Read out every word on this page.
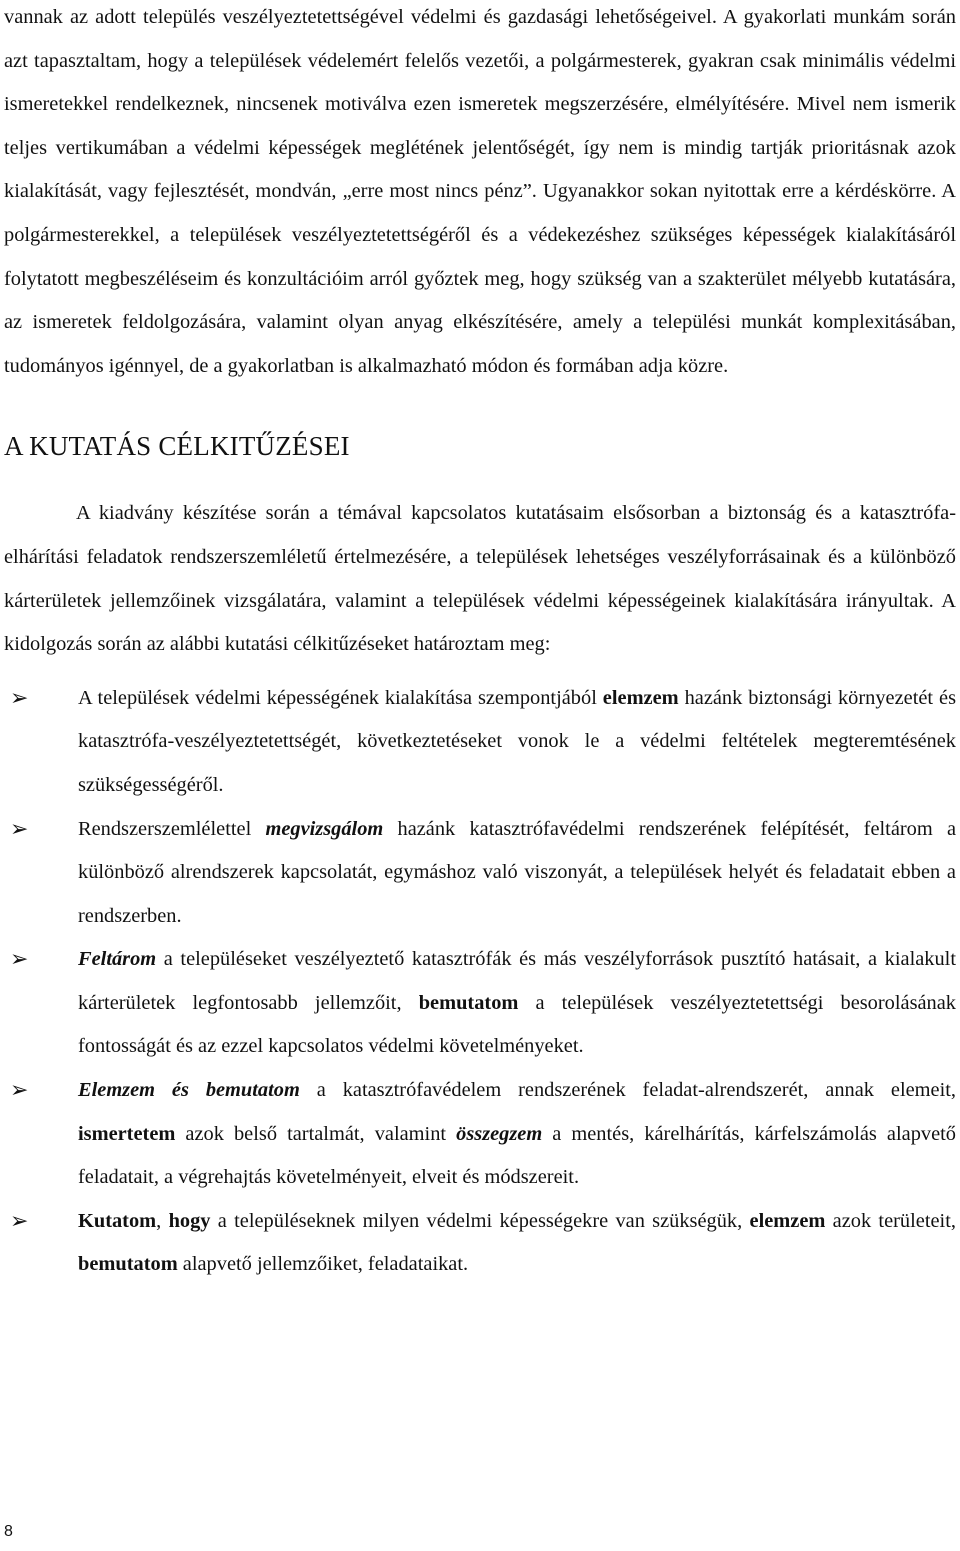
vannak az adott település veszélyeztetettségével védelmi és gazdasági lehetőségeivel. A gyakorlati munkám során azt tapasztaltam, hogy a települések védelemért felelős vezetői, a polgármesterek, gyakran csak minimális védelmi ismeretekkel rendelkeznek, nincsenek motiválva ezen ismeretek megszerzésére, elmélyítésére. Mivel nem ismerik teljes vertikumában a védelmi képességek meglétének jelentőségét, így nem is mindig tartják prioritásnak azok kialakítását, vagy fejlesztését, mondván, „erre most nincs pénz”. Ugyanakkor sokan nyitottak erre a kérdéskörre. A polgármesterekkel, a települések veszélyeztetettségéről és a védekezéshez szükséges képességek kialakításáról folytatott megbeszéléseim és konzultációim arról győztek meg, hogy szükség van a szakterület mélyebb kutatására, az ismeretek feldolgozására, valamint olyan anyag elkészítésére, amely a települési munkát komplexitásában, tudományos igénnyel, de a gyakorlatban is alkalmazható módon és formában adja közre.

A KUTATÁS CÉLKITŰZÉSEI

A kiadvány készítése során a témával kapcsolatos kutatásaim elsősorban a biztonság és a katasztrófa-elhárítási feladatok rendszerszemléletű értelmezésére, a települések lehetséges veszélyforrásainak és a különböző kárterületek jellemzőinek vizsgálatára, valamint a települések védelmi képességeinek kialakítására irányultak. A kidolgozás során az alábbi kutatási célkitűzéseket határoztam meg:

➢ A települések védelmi képességének kialakítása szempontjából elemzem hazánk biztonsági környezetét és katasztrófa-veszélyeztetettségét, következtetéseket vonok le a védelmi feltételek megteremtésének szükségességéről.

➢ Rendszerszemlélettel megvizsgálom hazánk katasztrófavédelmi rendszerének felépítését, feltárom a különböző alrendszerek kapcsolatát, egymáshoz való viszonyát, a települések helyét és feladatait ebben a rendszerben.

➢ Feltárom a településeket veszélyeztető katasztrófák és más veszélyforrások pusztító hatásait, a kialakult kárterületek legfontosabb jellemzőit, bemutatom a települések veszélyeztetettségi besorolásának fontosságát és az ezzel kapcsolatos védelmi követelményeket.

➢ Elemzem és bemutatom a katasztrófavédelem rendszerének feladat-alrendszerét, annak elemeit, ismertetem azok belső tartalmát, valamint összegzem a mentés, kárelhárítás, kárfelszámolás alapvető feladatait, a végrehajtás követelményeit, elveit és módszereit.

➢ Kutatom, hogy a településeknek milyen védelmi képességekre van szükségük, elemzem azok területeit, bemutatom alapvető jellemzőiket, feladataikat.

8
